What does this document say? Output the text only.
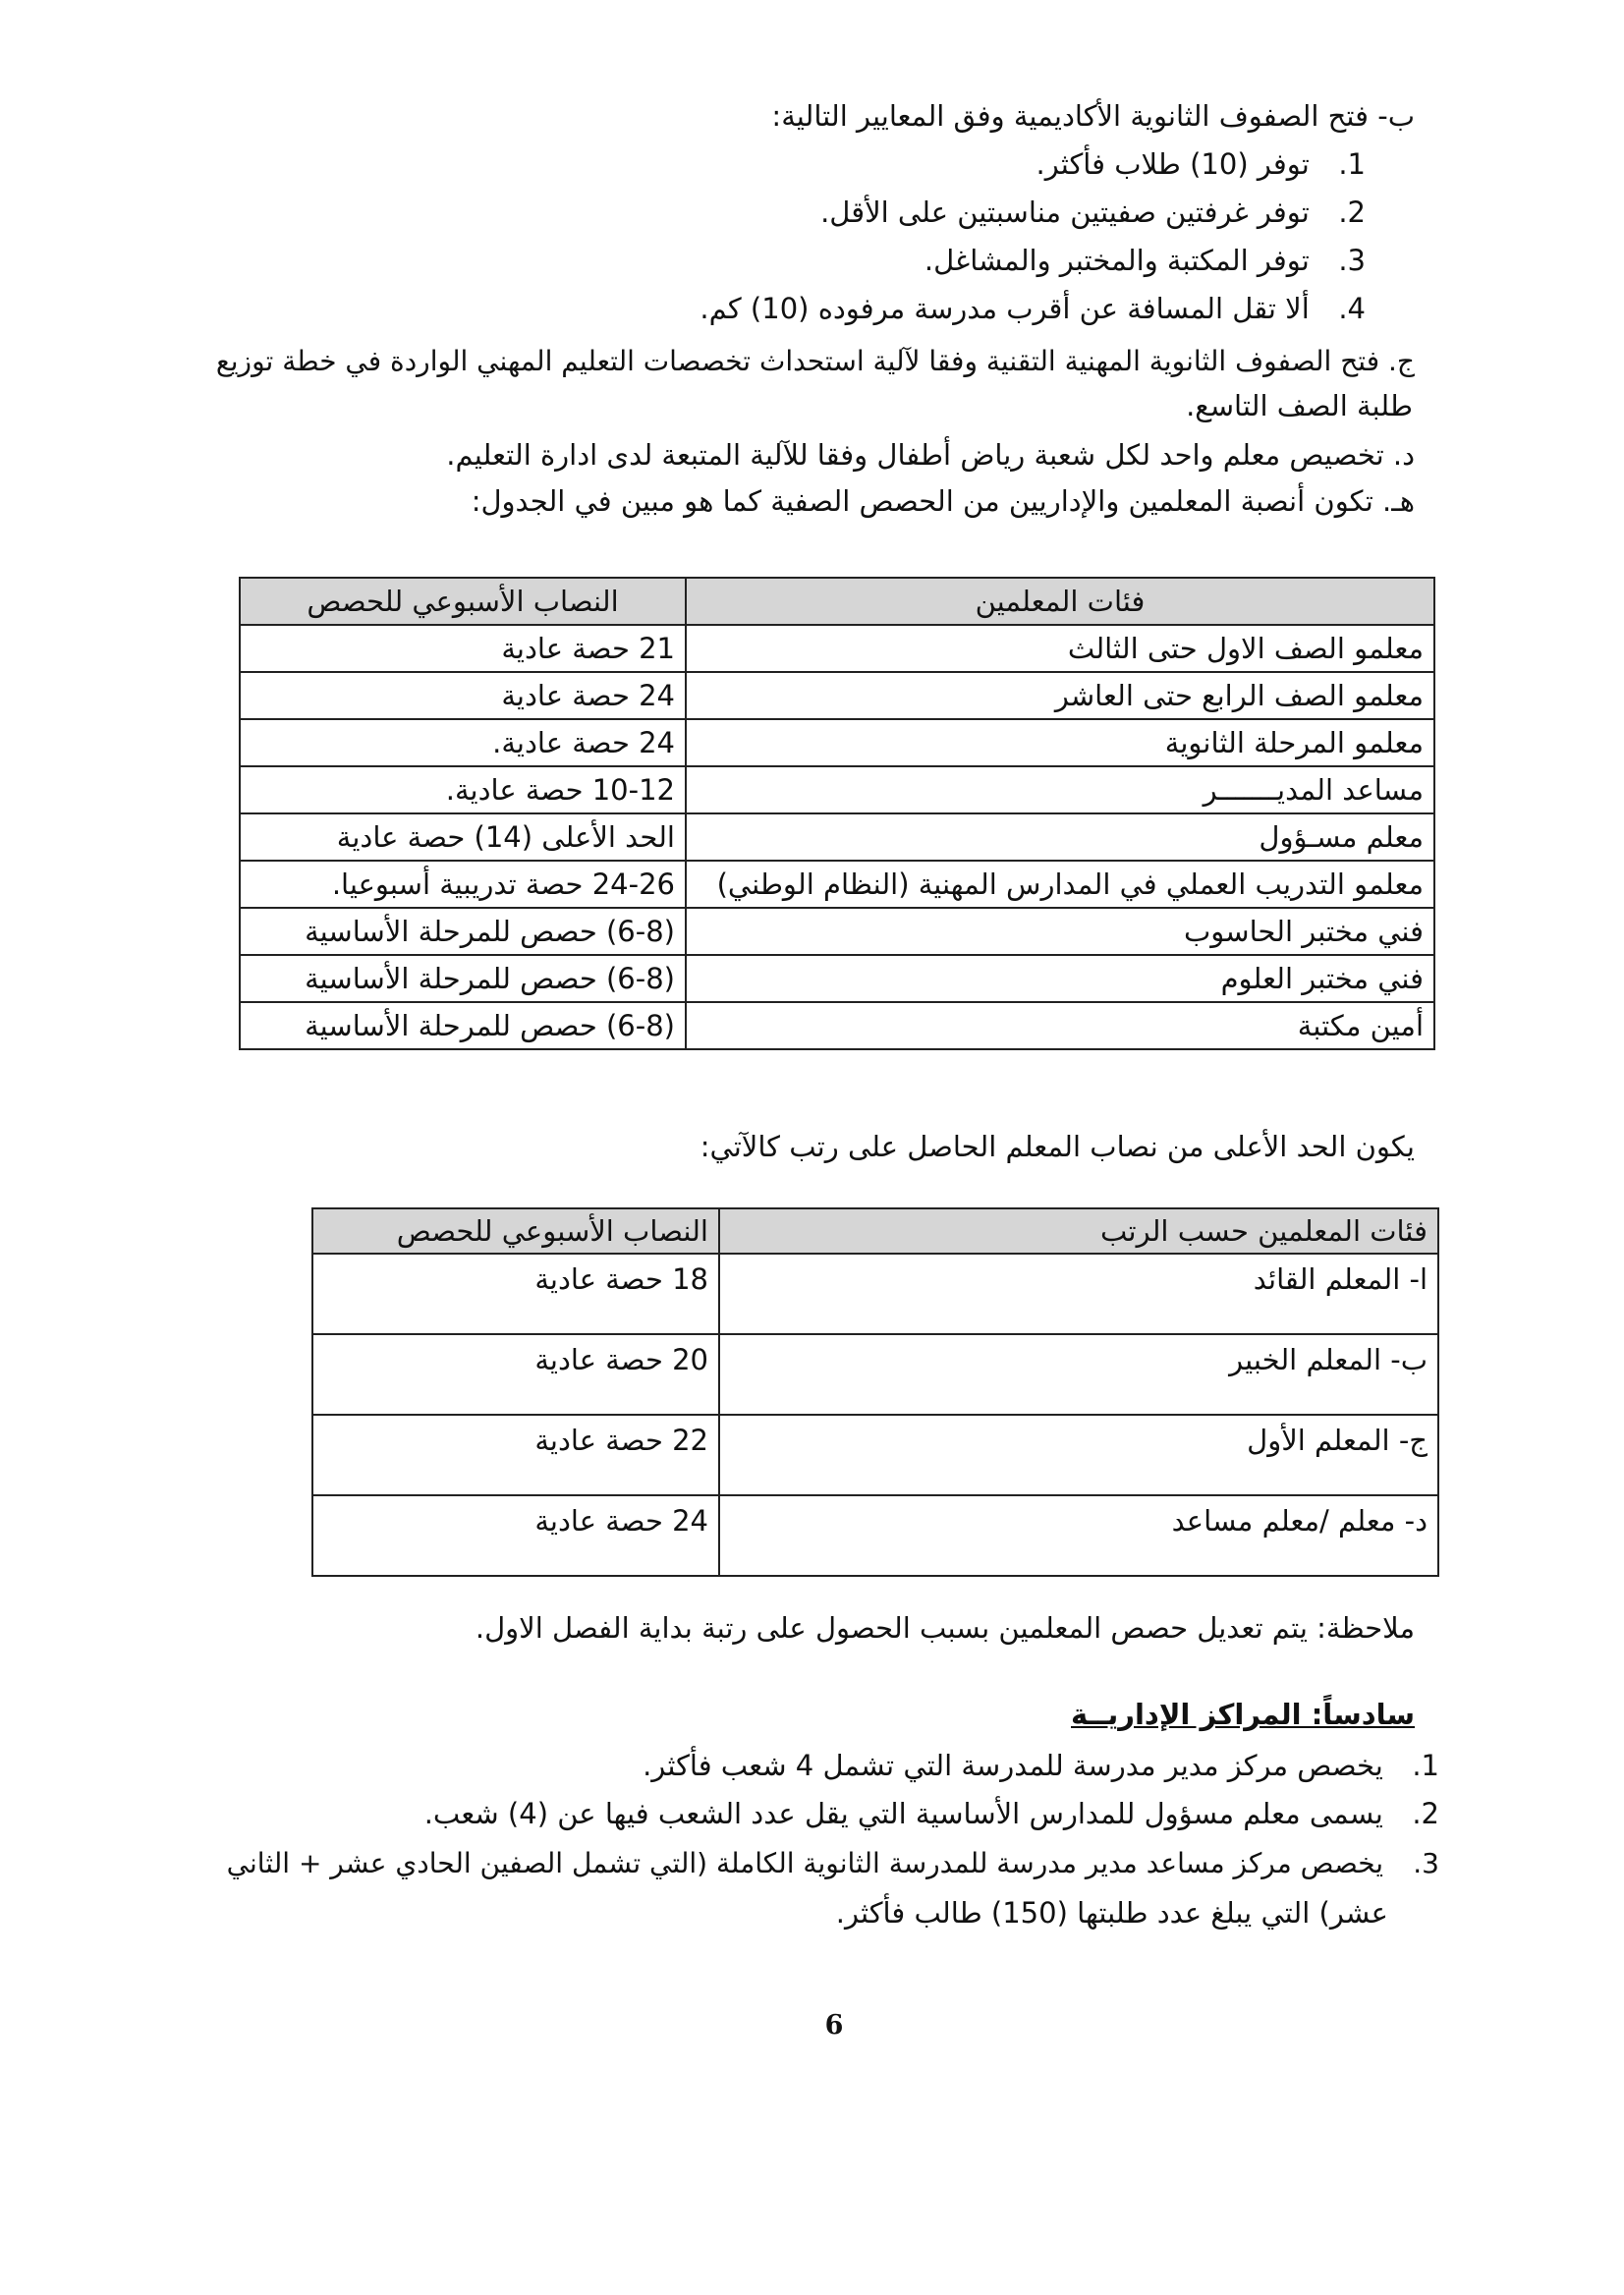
ب- فتح الصفوف الثانوية الأكاديمية وفق المعايير التالية:
1. توفر (10) طلاب فأكثر.
2. توفر غرفتين صفيتين مناسبتين على الأقل.
3. توفر المكتبة والمختبر والمشاغل.
4. ألا تقل المسافة عن أقرب مدرسة مرفوده (10) كم.
ج. فتح الصفوف الثانوية المهنية التقنية وفقا لآلية استحداث تخصصات التعليم المهني الواردة في خطة توزيع
طلبة الصف التاسع.
د. تخصيص معلم واحد لكل شعبة رياض أطفال وفقا للآلية المتبعة لدى ادارة التعليم.
هـ. تكون أنصبة المعلمين والإداريين من الحصص الصفية كما هو مبين في الجدول:
فئات المعلمين	النصاب الأسبوعي للحصص
معلمو الصف الاول حتى الثالث	21 حصة عادية
معلمو الصف الرابع حتى العاشر	24 حصة عادية
معلمو المرحلة الثانوية	24 حصة عادية.
مساعد المديـــــــر	10-12 حصة عادية.
معلم مسـؤول	الحد الأعلى (14) حصة عادية
معلمو التدريب العملي في المدارس المهنية (النظام الوطني)	24-26 حصة تدريبية أسبوعيا.
فني مختبر الحاسوب	(6-8) حصص للمرحلة الأساسية
فني مختبر العلوم	(6-8) حصص للمرحلة الأساسية
أمين مكتبة	(6-8) حصص للمرحلة الأساسية
يكون الحد الأعلى من نصاب المعلم الحاصل على رتب كالآتي:
فئات المعلمين حسب الرتب	النصاب الأسبوعي للحصص
ا- المعلم القائد	18 حصة عادية
ب- المعلم الخبير	20 حصة عادية
ج- المعلم الأول	22 حصة عادية
د- معلم /معلم مساعد	24 حصة عادية
ملاحظة: يتم تعديل حصص المعلمين بسبب الحصول على رتبة بداية الفصل الاول.
سادساً: المراكز الإداريــة
1. يخصص مركز مدير مدرسة للمدرسة التي تشمل 4 شعب فأكثر.
2. يسمى معلم مسؤول للمدارس الأساسية التي يقل عدد الشعب فيها عن (4) شعب.
3. يخصص مركز مساعد مدير مدرسة للمدرسة الثانوية الكاملة (التي تشمل الصفين الحادي عشر + الثاني
عشر) التي يبلغ عدد طلبتها (150) طالب فأكثر.
6
